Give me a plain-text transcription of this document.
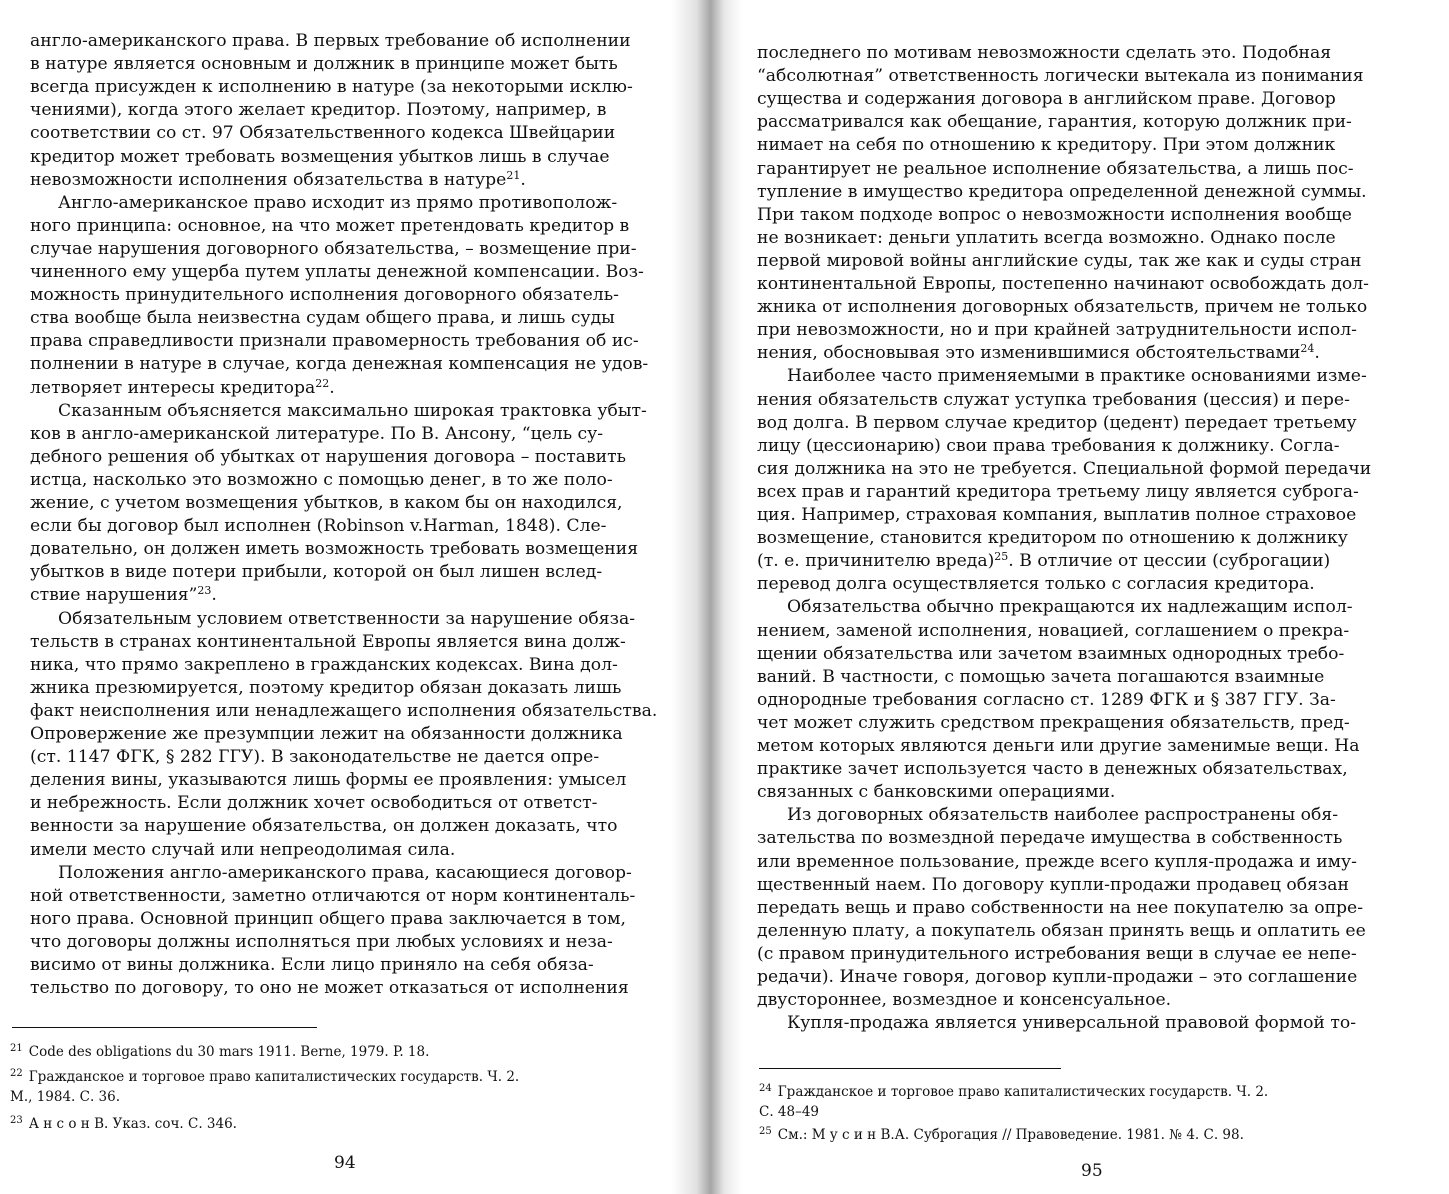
англо-американского права. В первых требование об исполнении
в натуре является основным и должник в принципе может быть
всегда присужден к исполнению в натуре (за некоторыми исклю-
чениями), когда этого желает кредитор. Поэтому, например, в
соответствии со ст. 97 Обязательственного кодекса Швейцарии
кредитор может требовать возмещения убытков лишь в случае
невозможности исполнения обязательства в натуре$^{21}$.
Англо-американское право исходит из прямо противополож-
ного принципа: основное, на что может претендовать кредитор в
случае нарушения договорного обязательства, – возмещение при-
чиненного ему ущерба путем уплаты денежной компенсации. Воз-
можность принудительного исполнения договорного обязатель-
ства вообще была неизвестна судам общего права, и лишь суды
права справедливости признали правомерность требования об ис-
полнении в натуре в случае, когда денежная компенсация не удов-
летворяет интересы кредитора$^{22}$.
Сказанным объясняется максимально широкая трактовка убыт-
ков в англо-американской литературе. По В. Ансону, “цель су-
дебного решения об убытках от нарушения договора – поставить
истца, насколько это возможно с помощью денег, в то же поло-
жение, с учетом возмещения убытков, в каком бы он находился,
если бы договор был исполнен (Robinson v.Harman, 1848). Сле-
довательно, он должен иметь возможность требовать возмещения
убытков в виде потери прибыли, которой он был лишен вслед-
ствие нарушения”$^{23}$.
Обязательным условием ответственности за нарушение обяза-
тельств в странах континентальной Европы является вина долж-
ника, что прямо закреплено в гражданских кодексах. Вина дол-
жника презюмируется, поэтому кредитор обязан доказать лишь
факт неисполнения или ненадлежащего исполнения обязательства.
Опровержение же презумпции лежит на обязанности должника
(ст. 1147 ФГК, § 282 ГГУ). В законодательстве не дается опре-
деления вины, указываются лишь формы ее проявления: умысел
и небрежность. Если должник хочет освободиться от ответст-
венности за нарушение обязательства, он должен доказать, что
имели место случай или непреодолимая сила.
Положения англо-американского права, касающиеся договор-
ной ответственности, заметно отличаются от норм континенталь-
ного права. Основной принцип общего права заключается в том,
что договоры должны исполняться при любых условиях и неза-
висимо от вины должника. Если лицо приняло на себя обяза-
тельство по договору, то оно не может отказаться от исполнения
$^{21}$ Code des obligations du 30 mars 1911. Berne, 1979. P. 18.
$^{22}$ Гражданское и торговое право капиталистических государств. Ч. 2.
М., 1984. С. 36.
$^{23}$ А н с о н В. Указ. соч. С. 346.
94
последнего по мотивам невозможности сделать это. Подобная
“абсолютная” ответственность логически вытекала из понимания
существа и содержания договора в английском праве. Договор
рассматривался как обещание, гарантия, которую должник при-
нимает на себя по отношению к кредитору. При этом должник
гарантирует не реальное исполнение обязательства, а лишь пос-
тупление в имущество кредитора определенной денежной суммы.
При таком подходе вопрос о невозможности исполнения вообще
не возникает: деньги уплатить всегда возможно. Однако после
первой мировой войны английские суды, так же как и суды стран
континентальной Европы, постепенно начинают освобождать дол-
жника от исполнения договорных обязательств, причем не только
при невозможности, но и при крайней затруднительности испол-
нения, обосновывая это изменившимися обстоятельствами$^{24}$.
Наиболее часто применяемыми в практике основаниями изме-
нения обязательств служат уступка требования (цессия) и пере-
вод долга. В первом случае кредитор (цедент) передает третьему
лицу (цессионарию) свои права требования к должнику. Согла-
сия должника на это не требуется. Специальной формой передачи
всех прав и гарантий кредитора третьему лицу является суброга-
ция. Например, страховая компания, выплатив полное страховое
возмещение, становится кредитором по отношению к должнику
(т. е. причинителю вреда)$^{25}$. В отличие от цессии (суброгации)
перевод долга осуществляется только с согласия кредитора.
Обязательства обычно прекращаются их надлежащим испол-
нением, заменой исполнения, новацией, соглашением о прекра-
щении обязательства или зачетом взаимных однородных требо-
ваний. В частности, с помощью зачета погашаются взаимные
однородные требования согласно ст. 1289 ФГК и § 387 ГГУ. За-
чет может служить средством прекращения обязательств, пред-
метом которых являются деньги или другие заменимые вещи. На
практике зачет используется часто в денежных обязательствах,
связанных с банковскими операциями.
Из договорных обязательств наиболее распространены обя-
зательства по возмездной передаче имущества в собственность
или временное пользование, прежде всего купля-продажа и иму-
щественный наем. По договору купли-продажи продавец обязан
передать вещь и право собственности на нее покупателю за опре-
деленную плату, а покупатель обязан принять вещь и оплатить ее
(с правом принудительного истребования вещи в случае ее непе-
редачи). Иначе говоря, договор купли-продажи – это соглашение
двустороннее, возмездное и консенсуальное.
Купля-продажа является универсальной правовой формой то-
$^{24}$ Гражданское и торговое право капиталистических государств. Ч. 2.
С. 48–49
$^{25}$ См.: М у с и н В.А. Суброгация // Правоведение. 1981. № 4. С. 98.
95
